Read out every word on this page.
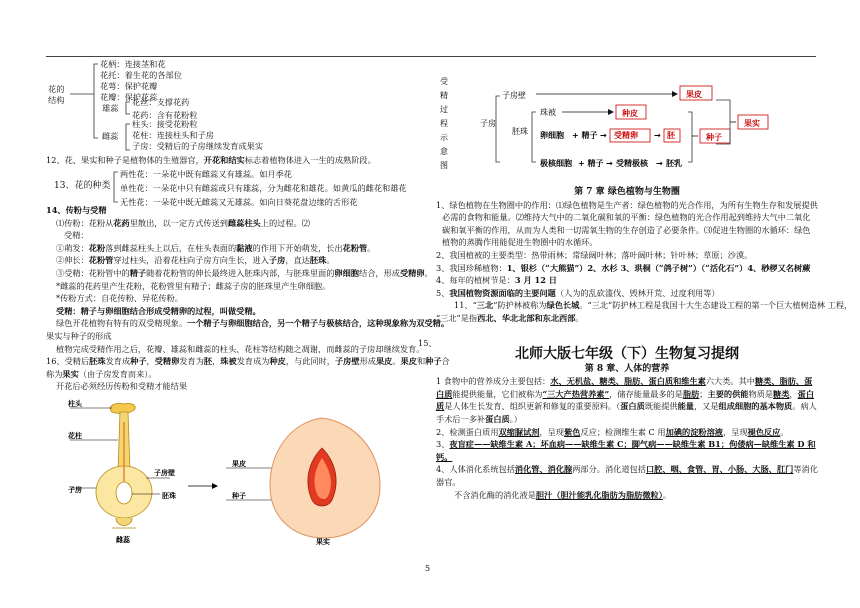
花的结构
花柄：连接茎和花
花托：着生花的各部位
花萼：保护花瓣
花瓣：保护花蕊
雄蕊
花丝：支撑花药
花药：含有花粉粒
雌蕊
柱头：接受花粉粒
花柱：连接柱头和子房
子房：受精后的子房继续发育成果实
12、花、果实和种子是植物体的生殖器官，开花和结实标志着植物体进入一生的成熟阶段。
13、花的种类
两性花：一朵花中既有雌蕊又有雄蕊。如月季花
单性花：一朵花中只有雌蕊或只有雄蕊，分为雌花和雄花。如黄瓜的雌花和雄花
无性花：一朵花中既无雌蕊又无雄蕊。如向日葵花盘边缘的舌形花

14、传粉与受精

⑴传粉：花粉从花药里散出，以一定方式传送到雌蕊柱头上的过程。⑵

受精：

①萌发：花粉落到雌蕊柱头上以后，在柱头表面的黏液的作用下开始萌发，长出花粉管。

②伸长：花粉管穿过柱头，沿着花柱向子房方向生长，进入子房，直达胚珠。

③受精：花粉管中的精子随着花粉管的伸长最终进入胚珠内部，与胚珠里面的卵细胞结合，形成受精卵。

*雌蕊的花药里产生花粉，花粉管里有精子；雌蕊子房的胚珠里产生卵细胞。

*传粉方式：自花传粉、异花传粉。

受精：精子与卵细胞结合形成受精卵的过程，叫做受精。

绿色开花植物有特有的双受精现象。一个精子与卵细胞结合，另一个精子与极核结合，这种现象称为双受精。

果实与种子的形成

植物完成受精作用之后，花瓣、雄蕊和雌蕊的柱头、花柱等结构随之凋谢，而雌蕊的子房却继续发育。

16、受精后胚珠发育成种子，受精卵发育为胚，珠被发育成为种皮，与此同时，子房壁形成果皮。果皮和种子合

称为果实（由子房发育而来）。

开花后必须经历传粉和受精才能结果

柱头
花柱
子房
子房壁
胚珠
果皮
种子
雌蕊	果实
15、
受
精
过
程
示
意
图
子房
子房壁	果皮
胚珠
珠被	种皮
卵细胞 + 精子 → 受精卵 → 胚
极核细胞 + 精子 → 受精极核 → 胚乳
种子
果实

第 7 章 绿色植物与生物圈

1、绿色植物在生物圈中的作用：⑴绿色植物是生产者：绿色植物的光合作用，为所有生物生存和发展提供必需的食物和能量。⑵维持大气中的二氧化碳和氧的平衡：绿色植物的光合作用起到维持大气中二氧化碳和氧平衡的作用，从而为人类和一切需氧生物的生存创造了必要条件。⑶促进生物圈的水循环：绿色植物的蒸腾作用能促进生物圈中的水循环。

2、我国植被的主要类型：热带雨林；常绿阔叶林；落叶阔叶林；针叶林；草原；沙漠。

3、我国珍稀植物：1、银杉（“大熊猫”）2、水杉 3、珙桐（“鸽子树”）（“活化石”）4、桫椤又名树蕨

4、每年的植树节是：3 月 12 日

5、我国植物资源面临的主要问题（人为的乱砍滥伐、毁林开荒、过度利用等）

11、“三北”防护林被称为绿色长城。“三北”防护林工程是我国十大生态建设工程的第一个巨大植树造林 工程，

“三北”是指西北、华北北部和东北西部。

北师大版七年级（下）生物复习提纲

第 8 章、人体的营养

1 食物中的营养成分主要包括：水、无机盐、糖类、脂肪、蛋白质和维生素六大类。其中糖类、脂肪、蛋白质能提供能量，它们被称为“三大产热营养素”，储存能量最多的是脂肪；主要的供能物质是糖类，蛋白质是人体生长发育、组织更新和修复的重要原料。（蛋白质既能提供能量，又是组成细胞的基本物质。病人手术后一多补蛋白质。）

2、检测蛋白质用双缩脲试剂，呈现紫色反应；检测维生素 C 用加碘的淀粉溶液，呈现褪色反应。

3、夜盲症——缺维生素 A；坏血病——缺维生素 C；脚气病——缺维生素 B1；佝偻病—缺维生素 D 和钙。

4、人体消化系统包括消化管、消化腺两部分。消化道包括口腔、咽、食管、胃、小肠、大肠、肛门等消化器官。

不含消化酶的消化液是胆汁（胆汁能乳化脂肪为脂肪微粒）。

5
